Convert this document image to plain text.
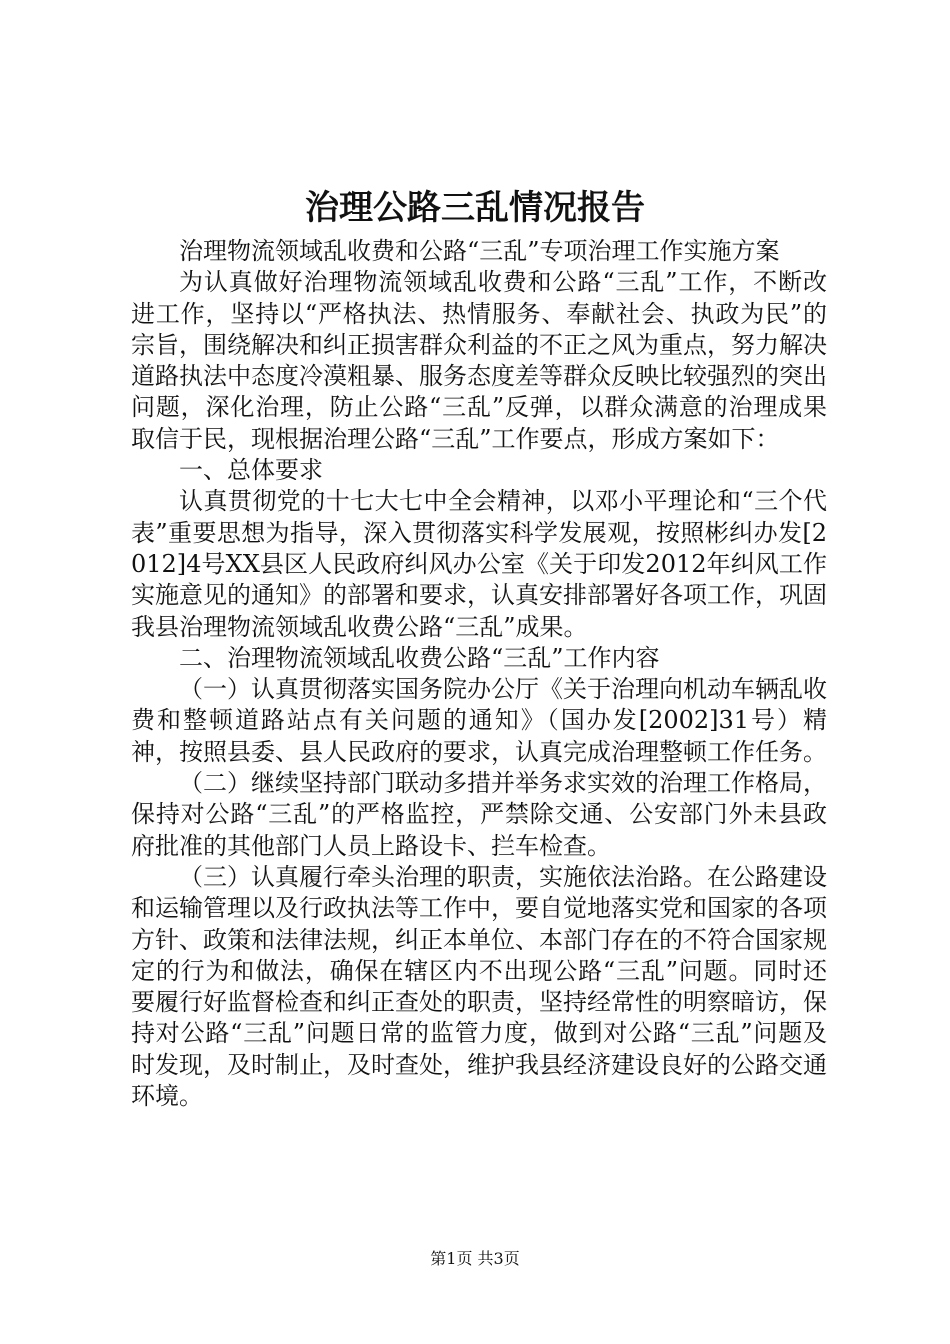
治理公路三乱情况报告

治理物流领域乱收费和公路“三乱”专项治理工作实施方案

为认真做好治理物流领域乱收费和公路“三乱”工作，不断改进工作，坚持以“严格执法、热情服务、奉献社会、执政为民”的宗旨，围绕解决和纠正损害群众利益的不正之风为重点，努力解决道路执法中态度冷漠粗暴、服务态度差等群众反映比较强烈的突出问题，深化治理，防止公路“三乱”反弹，以群众满意的治理成果取信于民，现根据治理公路“三乱”工作要点，形成方案如下：

一、总体要求

认真贯彻党的十七大七中全会精神，以邓小平理论和“三个代表”重要思想为指导，深入贯彻落实科学发展观，按照彬纠办发[2012]4号XX县区人民政府纠风办公室《关于印发2012年纠风工作实施意见的通知》的部署和要求，认真安排部署好各项工作，巩固我县治理物流领域乱收费公路“三乱”成果。

二、治理物流领域乱收费公路“三乱”工作内容

（一）认真贯彻落实国务院办公厅《关于治理向机动车辆乱收费和整顿道路站点有关问题的通知》（国办发[2002]31号）精神，按照县委、县人民政府的要求，认真完成治理整顿工作任务。

（二）继续坚持部门联动多措并举务求实效的治理工作格局，保持对公路“三乱”的严格监控，严禁除交通、公安部门外未县政府批准的其他部门人员上路设卡、拦车检查。

（三）认真履行牵头治理的职责，实施依法治路。在公路建设和运输管理以及行政执法等工作中，要自觉地落实党和国家的各项方针、政策和法律法规，纠正本单位、本部门存在的不符合国家规定的行为和做法，确保在辖区内不出现公路“三乱”问题。同时还要履行好监督检查和纠正查处的职责，坚持经常性的明察暗访，保持对公路“三乱”问题日常的监管力度，做到对公路“三乱”问题及时发现，及时制止，及时查处，维护我县经济建设良好的公路交通环境。

第1页 共3页
